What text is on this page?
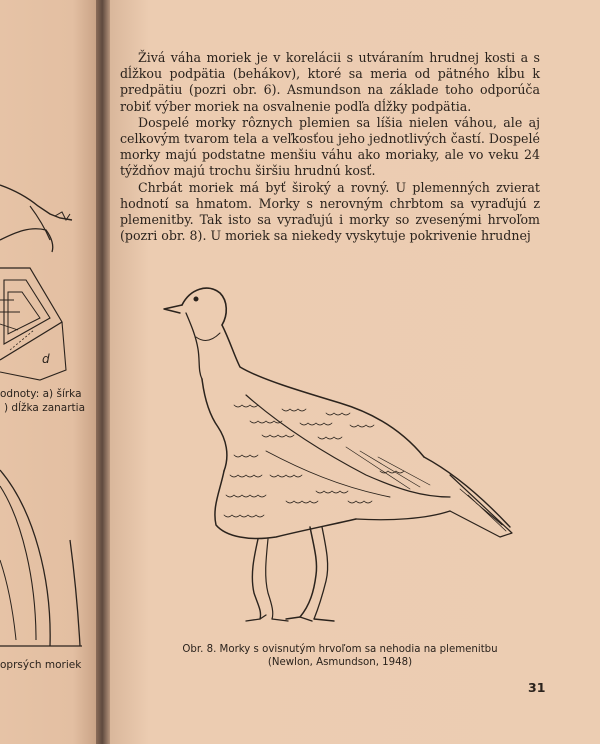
d
odnoty: a) šírka
) dĺžka zanartia
oprsých moriek

Živá váha moriek je v korelácii s utváraním hrudnej kosti a s dĺžkou podpätia (behákov), ktoré sa meria od pätného kĺbu k predpätiu (pozri obr. 6). Asmundson na základe toho odporúča robiť výber moriek na osvalnenie podľa dĺžky podpätia.

Dospelé morky rôznych plemien sa líšia nielen váhou, ale aj celkovým tvarom tela a veľkosťou jeho jednotlivých častí. Dospelé morky majú podstatne menšiu váhu ako moriaky, ale vo veku 24 týždňov majú trochu širšiu hrudnú kosť.

Chrbát moriek má byť široký a rovný. U plemenných zvierat hodnotí sa hmatom. Morky s nerovným chrbtom sa vyraďujú z plemenitby. Tak isto sa vyraďujú i morky so zvesenými hrvoľom (pozri obr. 8). U moriek sa niekedy vyskytuje pokrivenie hrudnej

Obr. 8. Morky s ovisnutým hrvoľom sa nehodia na plemenitbu
(Newlon, Asmundson, 1948)
31
